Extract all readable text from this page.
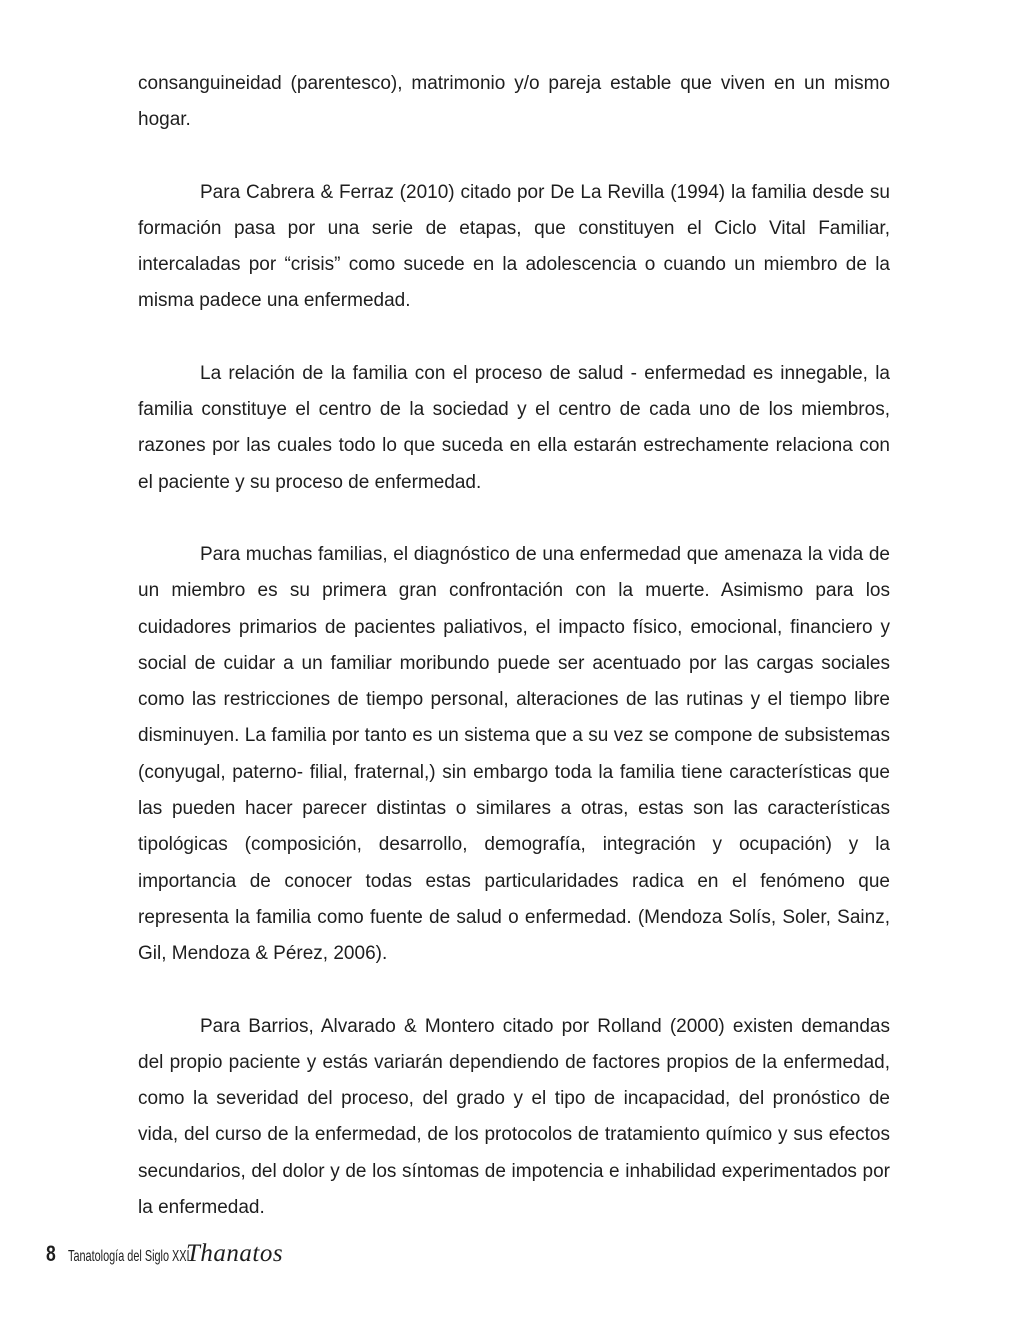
consanguineidad (parentesco), matrimonio y/o pareja estable que viven en un mismo hogar.

Para Cabrera & Ferraz (2010) citado por De La Revilla (1994) la familia desde su formación pasa por una serie de etapas, que constituyen el Ciclo Vital Familiar, intercaladas por “crisis” como sucede en la adolescencia o cuando un miembro de la misma padece una enfermedad.

La relación de la familia con el proceso de salud - enfermedad es innegable, la familia constituye el centro de la sociedad y el centro de cada uno de los miembros, razones por las cuales todo lo que suceda en ella estarán estrechamente relaciona con el paciente y su proceso de enfermedad.

Para muchas familias, el diagnóstico de una enfermedad que amenaza la vida de un miembro es su primera gran confrontación con la muerte. Asimismo para los cuidadores primarios de pacientes paliativos, el impacto físico, emocional, financiero y social de cuidar a un familiar moribundo puede ser acentuado por las cargas sociales como las restricciones de tiempo personal, alteraciones de las rutinas y el tiempo libre disminuyen. La familia por tanto es un sistema que a su vez se compone de subsistemas (conyugal, paterno- filial, fraternal,) sin embargo toda la familia tiene características que las pueden hacer parecer distintas o similares a otras, estas son las características tipológicas (composición, desarrollo, demografía, integración y ocupación) y la importancia de conocer todas estas particularidades radica en el fenómeno que representa la familia como fuente de salud o enfermedad. (Mendoza Solís, Soler, Sainz, Gil, Mendoza & Pérez, 2006).

Para Barrios, Alvarado & Montero citado por Rolland (2000) existen demandas del propio paciente y estás variarán dependiendo de factores propios de la enfermedad, como la severidad del proceso, del grado y el tipo de incapacidad, del pronóstico de vida, del curso de la enfermedad, de los protocolos de tratamiento químico y sus efectos secundarios, del dolor y de los síntomas de impotencia e inhabilidad experimentados por la enfermedad.

8 Tanatología del Siglo XXI
Thanatos
